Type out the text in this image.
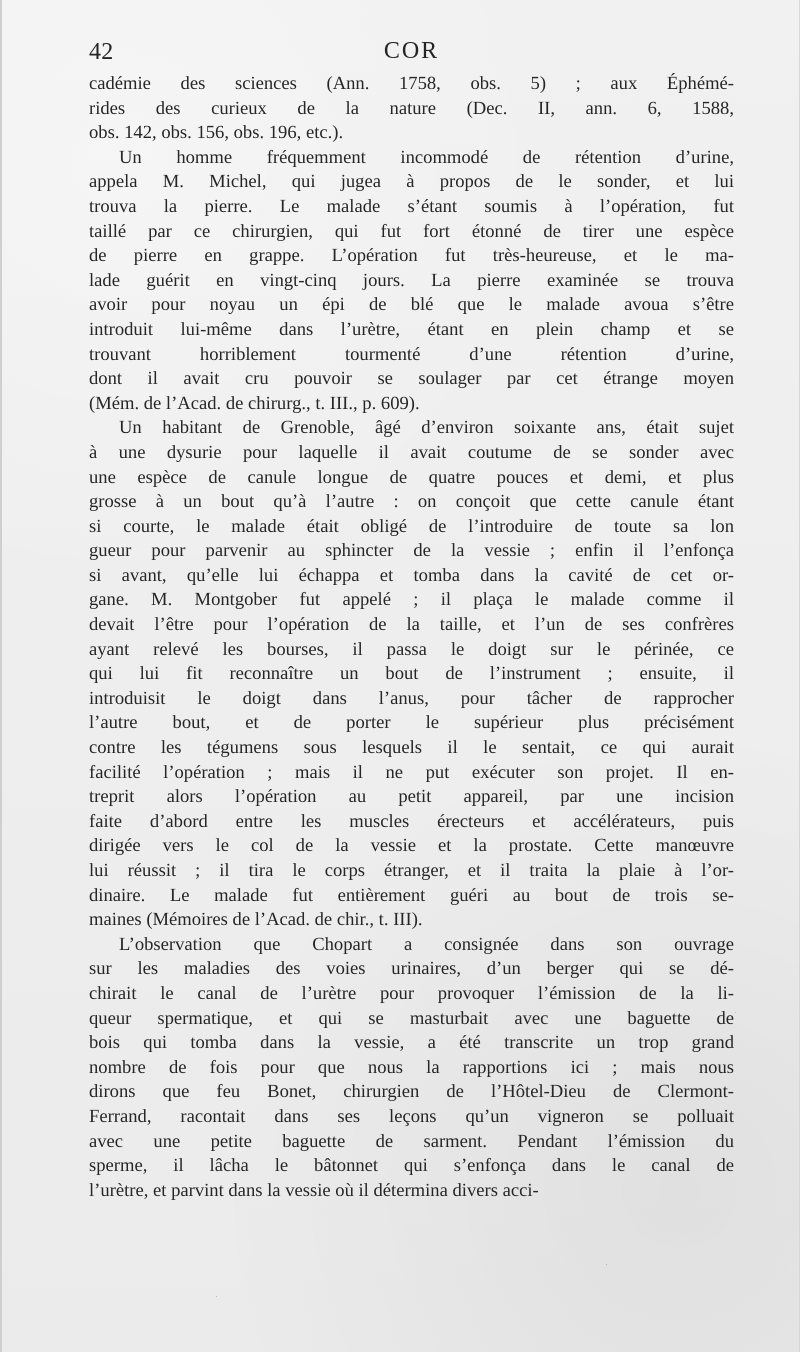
42	COR

cadémie des sciences (Ann. 1758, obs. 5) ; aux Éphémé-
rides des curieux de la nature (Dec. II, ann. 6, 1588,
obs. 142, obs. 156, obs. 196, etc.).

Un homme fréquemment incommodé de rétention d’urine,
appela M. Michel, qui jugea à propos de le sonder, et lui
trouva la pierre. Le malade s’étant soumis à l’opération, fut
taillé par ce chirurgien, qui fut fort étonné de tirer une espèce
de pierre en grappe. L’opération fut très-heureuse, et le ma-
lade guérit en vingt-cinq jours. La pierre examinée se trouva
avoir pour noyau un épi de blé que le malade avoua s’être
introduit lui-même dans l’urètre, étant en plein champ et se
trouvant horriblement tourmenté d’une rétention d’urine,
dont il avait cru pouvoir se soulager par cet étrange moyen
(Mém. de l’Acad. de chirurg., t. III., p. 609).

Un habitant de Grenoble, âgé d’environ soixante ans, était sujet
à une dysurie pour laquelle il avait coutume de se sonder avec
une espèce de canule longue de quatre pouces et demi, et plus
grosse à un bout qu’à l’autre : on conçoit que cette canule étant
si courte, le malade était obligé de l’introduire de toute sa lon
gueur pour parvenir au sphincter de la vessie ; enfin il l’enfonça
si avant, qu’elle lui échappa et tomba dans la cavité de cet or-
gane. M. Montgober fut appelé ; il plaça le malade comme il
devait l’être pour l’opération de la taille, et l’un de ses confrères
ayant relevé les bourses, il passa le doigt sur le périnée, ce
qui lui fit reconnaître un bout de l’instrument ; ensuite, il
introduisit le doigt dans l’anus, pour tâcher de rapprocher
l’autre bout, et de porter le supérieur plus précisément
contre les tégumens sous lesquels il le sentait, ce qui aurait
facilité l’opération ; mais il ne put exécuter son projet. Il en-
treprit alors l’opération au petit appareil, par une incision
faite d’abord entre les muscles érecteurs et accélérateurs, puis
dirigée vers le col de la vessie et la prostate. Cette manœuvre
lui réussit ; il tira le corps étranger, et il traita la plaie à l’or-
dinaire. Le malade fut entièrement guéri au bout de trois se-
maines (Mémoires de l’Acad. de chir., t. III).

L’observation que Chopart a consignée dans son ouvrage
sur les maladies des voies urinaires, d’un berger qui se dé-
chirait le canal de l’urètre pour provoquer l’émission de la li-
queur spermatique, et qui se masturbait avec une baguette de
bois qui tomba dans la vessie, a été transcrite un trop grand
nombre de fois pour que nous la rapportions ici ; mais nous
dirons que feu Bonet, chirurgien de l’Hôtel-Dieu de Clermont-
Ferrand, racontait dans ses leçons qu’un vigneron se polluait
avec une petite baguette de sarment. Pendant l’émission du
sperme, il lâcha le bâtonnet qui s’enfonça dans le canal de
l’urètre, et parvint dans la vessie où il détermina divers acci-
